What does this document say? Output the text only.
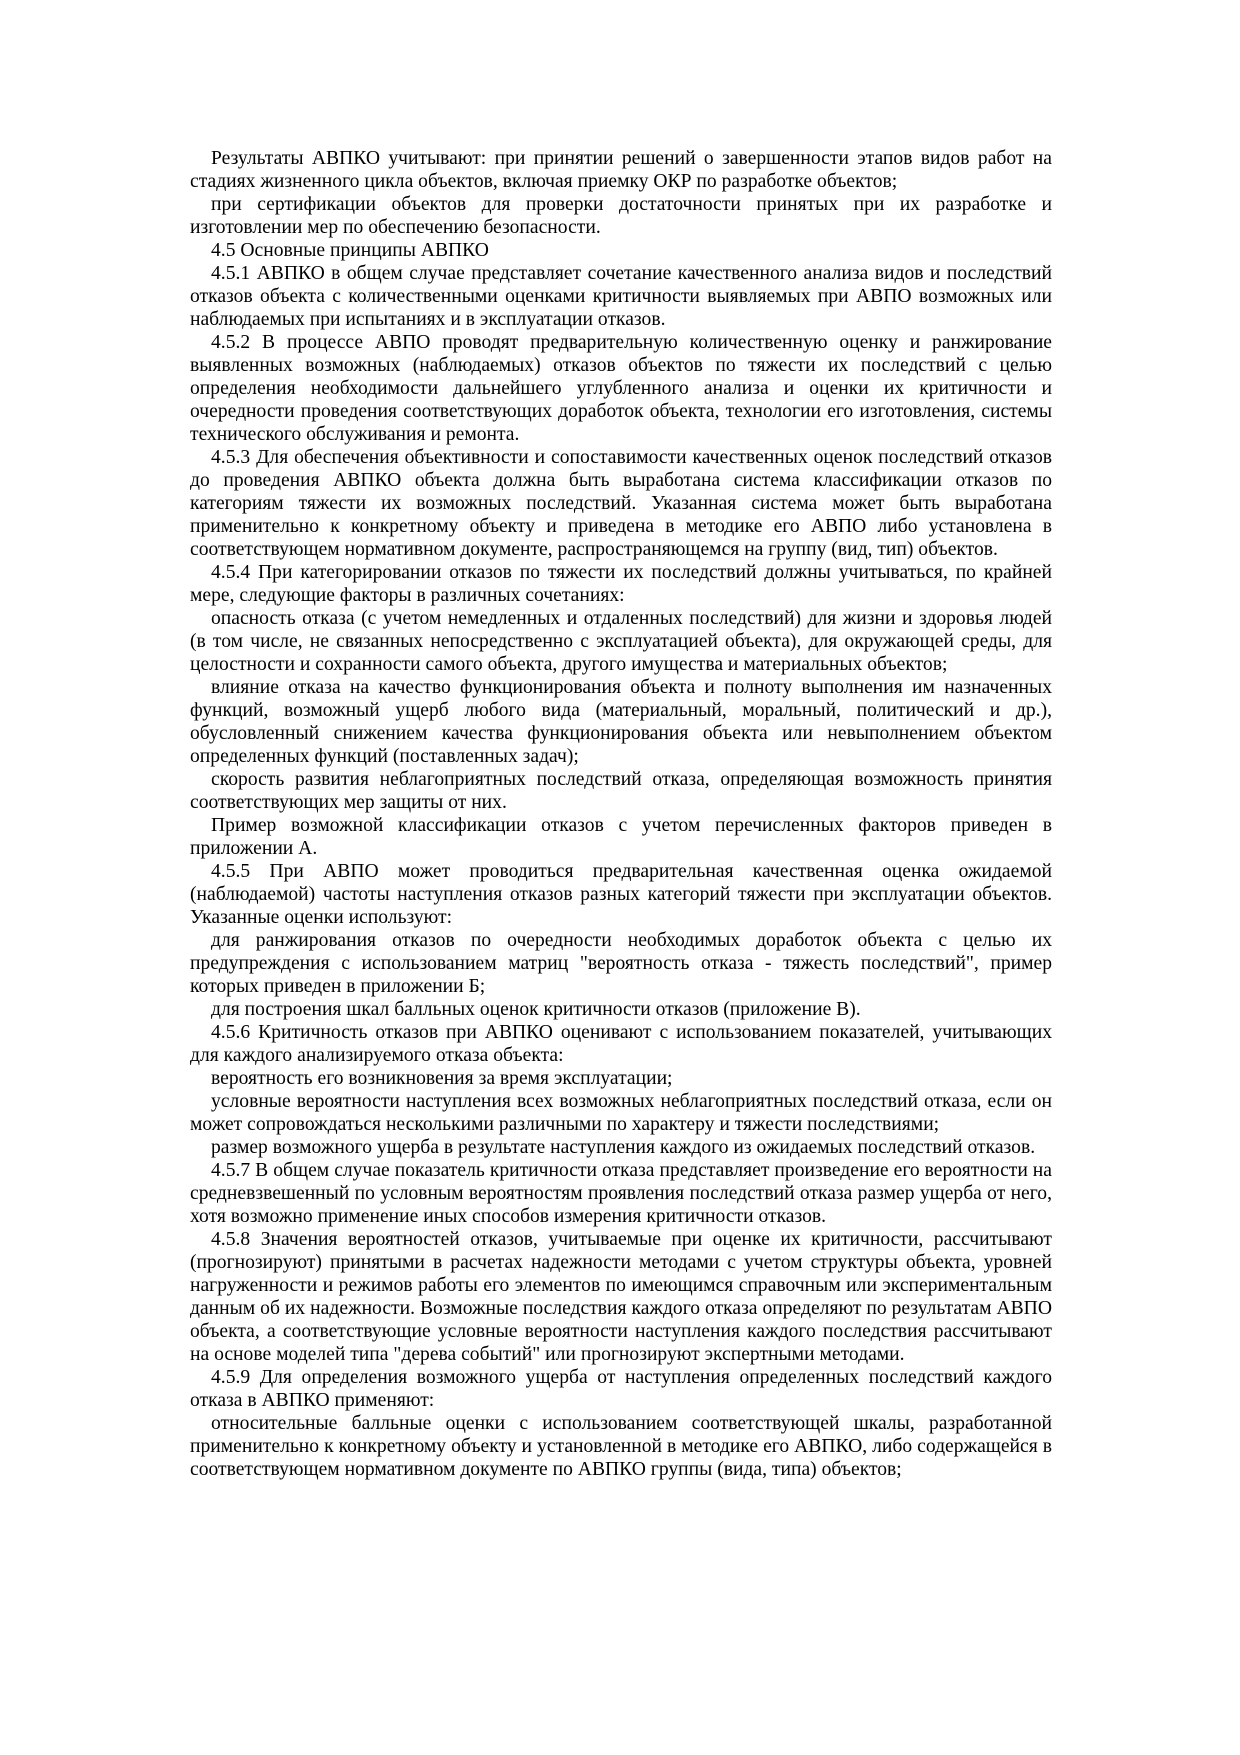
Результаты АВПКО учитывают: при принятии решений о завершенности этапов видов работ на стадиях жизненного цикла объектов, включая приемку ОКР по разработке объектов;

при сертификации объектов для проверки достаточности принятых при их разработке и изготовлении мер по обеспечению безопасности.

4.5 Основные принципы АВПКО

4.5.1 АВПКО в общем случае представляет сочетание качественного анализа видов и последствий отказов объекта с количественными оценками критичности выявляемых при АВПО возможных или наблюдаемых при испытаниях и в эксплуатации отказов.

4.5.2 В процессе АВПО проводят предварительную количественную оценку и ранжирование выявленных возможных (наблюдаемых) отказов объектов по тяжести их последствий с целью определения необходимости дальнейшего углубленного анализа и оценки их критичности и очередности проведения соответствующих доработок объекта, технологии его изготовления, системы технического обслуживания и ремонта.

4.5.3 Для обеспечения объективности и сопоставимости качественных оценок последствий отказов до проведения АВПКО объекта должна быть выработана система классификации отказов по категориям тяжести их возможных последствий. Указанная система может быть выработана применительно к конкретному объекту и приведена в методике его АВПО либо установлена в соответствующем нормативном документе, распространяющемся на группу (вид, тип) объектов.

4.5.4 При категорировании отказов по тяжести их последствий должны учитываться, по крайней мере, следующие факторы в различных сочетаниях:

опасность отказа (с учетом немедленных и отдаленных последствий) для жизни и здоровья людей (в том числе, не связанных непосредственно с эксплуатацией объекта), для окружающей среды, для целостности и сохранности самого объекта, другого имущества и материальных объектов;

влияние отказа на качество функционирования объекта и полноту выполнения им назначенных функций, возможный ущерб любого вида (материальный, моральный, политический и др.), обусловленный снижением качества функционирования объекта или невыполнением объектом определенных функций (поставленных задач);

скорость развития неблагоприятных последствий отказа, определяющая возможность принятия соответствующих мер защиты от них.

Пример возможной классификации отказов с учетом перечисленных факторов приведен в приложении А.

4.5.5 При АВПО может проводиться предварительная качественная оценка ожидаемой (наблюдаемой) частоты наступления отказов разных категорий тяжести при эксплуатации объектов. Указанные оценки используют:

для ранжирования отказов по очередности необходимых доработок объекта с целью их предупреждения с использованием матриц "вероятность отказа - тяжесть последствий", пример которых приведен в приложении Б;

для построения шкал балльных оценок критичности отказов (приложение В).

4.5.6 Критичность отказов при АВПКО оценивают с использованием показателей, учитывающих для каждого анализируемого отказа объекта:

вероятность его возникновения за время эксплуатации;

условные вероятности наступления всех возможных неблагоприятных последствий отказа, если он может сопровождаться несколькими различными по характеру и тяжести последствиями;

размер возможного ущерба в результате наступления каждого из ожидаемых последствий отказов.

4.5.7 В общем случае показатель критичности отказа представляет произведение его вероятности на средневзвешенный по условным вероятностям проявления последствий отказа размер ущерба от него, хотя возможно применение иных способов измерения критичности отказов.

4.5.8 Значения вероятностей отказов, учитываемые при оценке их критичности, рассчитывают (прогнозируют) принятыми в расчетах надежности методами с учетом структуры объекта, уровней нагруженности и режимов работы его элементов по имеющимся справочным или экспериментальным данным об их надежности. Возможные последствия каждого отказа определяют по результатам АВПО объекта, а соответствующие условные вероятности наступления каждого последствия рассчитывают на основе моделей типа "дерева событий" или прогнозируют экспертными методами.

4.5.9 Для определения возможного ущерба от наступления определенных последствий каждого отказа в АВПКО применяют:

относительные балльные оценки с использованием соответствующей шкалы, разработанной применительно к конкретному объекту и установленной в методике его АВПКО, либо содержащейся в соответствующем нормативном документе по АВПКО группы (вида, типа) объектов;
